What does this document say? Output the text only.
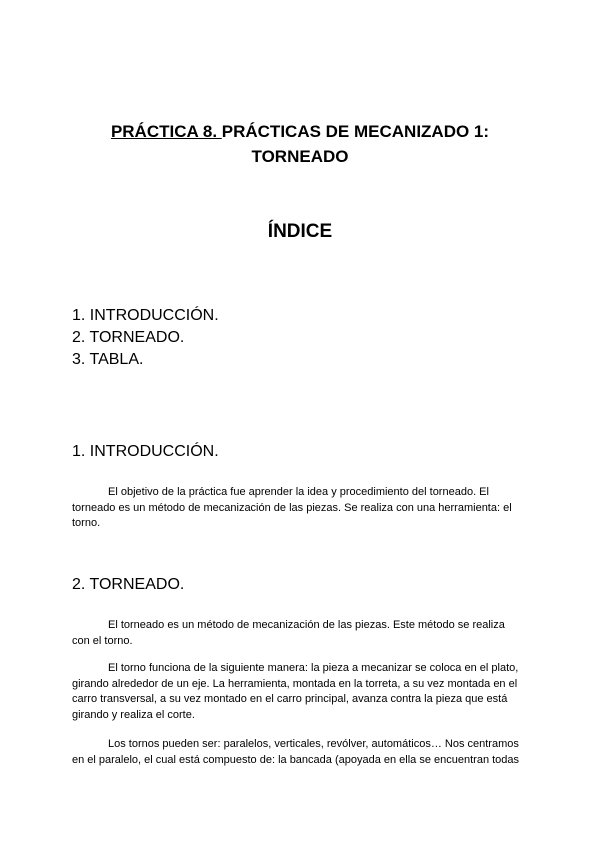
PRÁCTICA 8. PRÁCTICAS DE MECANIZADO 1:
TORNEADO
ÍNDICE
1. INTRODUCCIÓN.
2. TORNEADO.
3. TABLA.
1. INTRODUCCIÓN.

El objetivo de la práctica fue aprender la idea y procedimiento del torneado. El torneado es un método de mecanización de las piezas. Se realiza con una herramienta: el torno.

2. TORNEADO.

El torneado es un método de mecanización de las piezas. Este método se realiza con el torno.

El torno funciona de la siguiente manera: la pieza a mecanizar se coloca en el plato, girando alrededor de un eje. La herramienta, montada en la torreta, a su vez montada en el carro transversal, a su vez montado en el carro principal, avanza contra la pieza que está girando y realiza el corte.

Los tornos pueden ser: paralelos, verticales, revólver, automáticos… Nos centramos en el paralelo, el cual está compuesto de: la bancada (apoyada en ella se encuentran todas
